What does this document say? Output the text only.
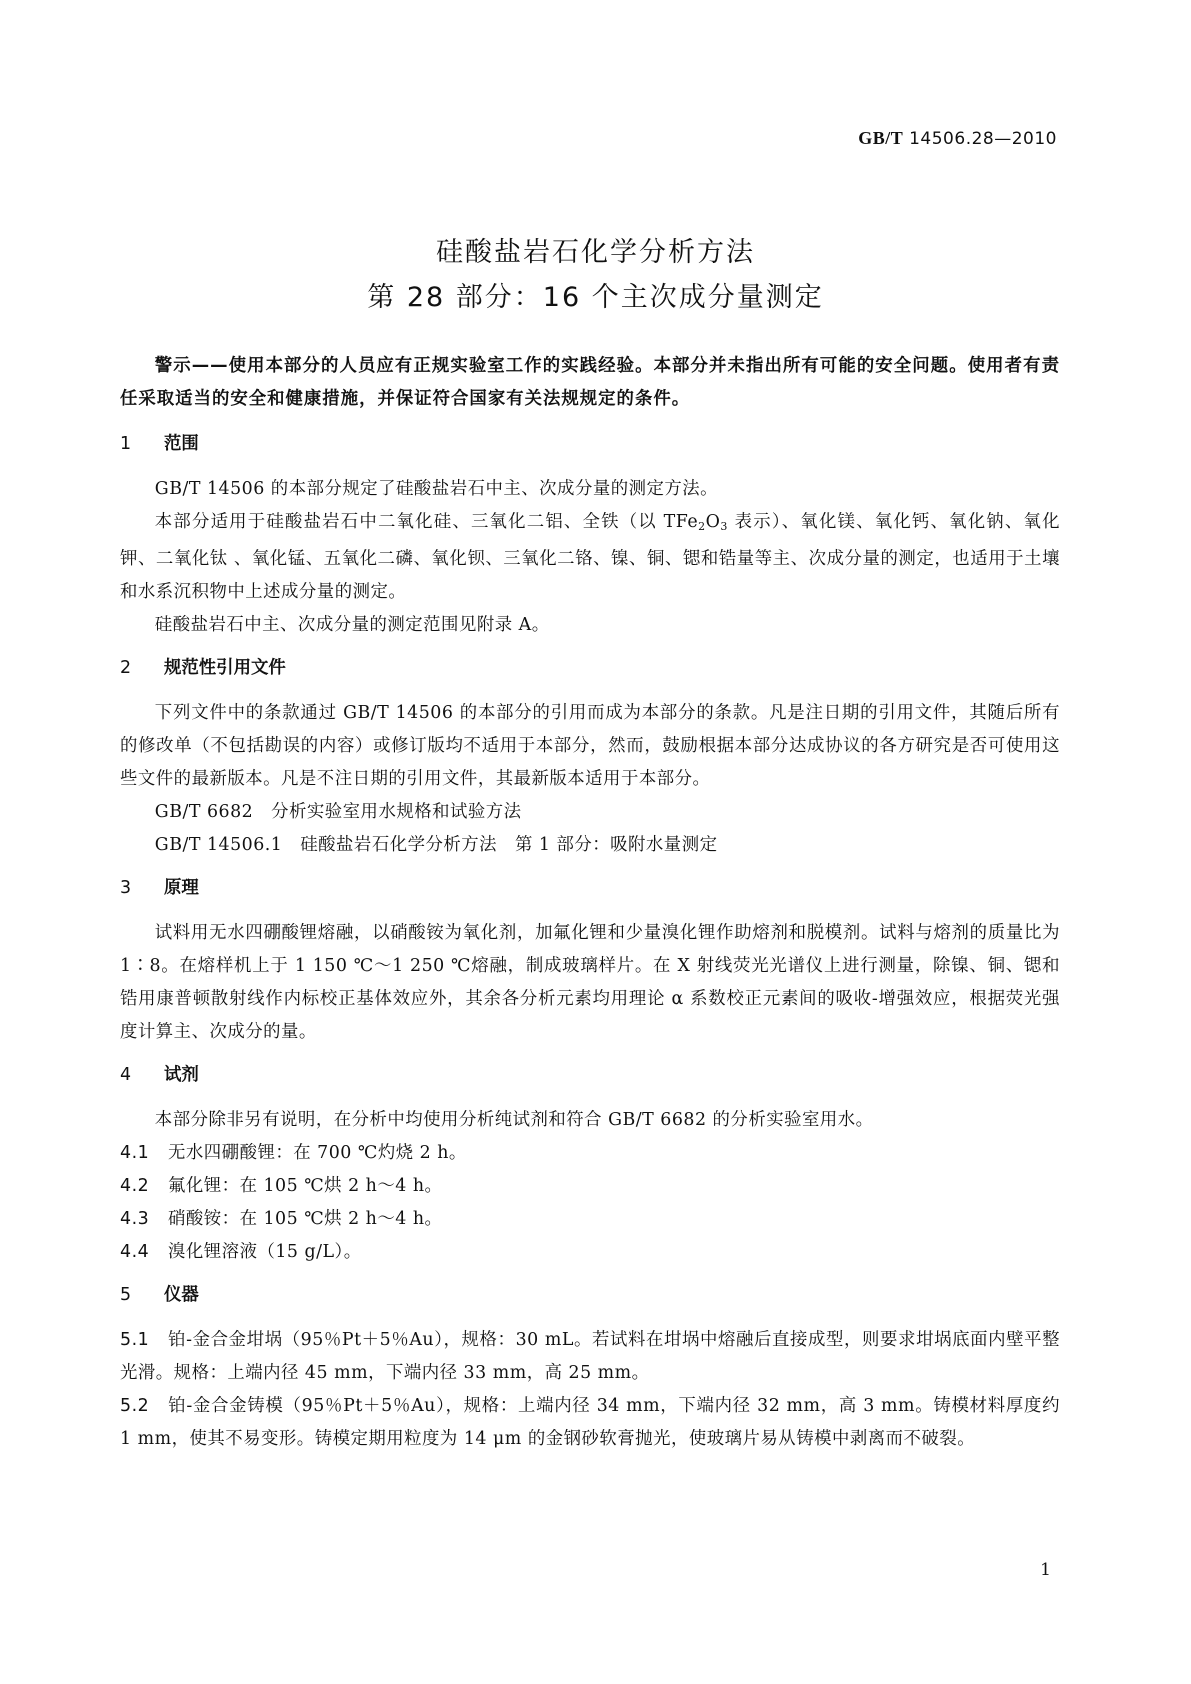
GB/T 14506.28—2010
硅酸盐岩石化学分析方法
第 28 部分：16 个主次成分量测定
警示——使用本部分的人员应有正规实验室工作的实践经验。本部分并未指出所有可能的安全问题。使用者有责任采取适当的安全和健康措施，并保证符合国家有关法规规定的条件。
1 范围
GB/T 14506 的本部分规定了硅酸盐岩石中主、次成分量的测定方法。
本部分适用于硅酸盐岩石中二氧化硅、三氧化二铝、全铁（以 $TFe_2O_3$ 表示）、氧化镁、氧化钙、氧化钠、氧化钾、二氧化钛 、氧化锰、五氧化二磷、氧化钡、三氧化二铬、镍、铜、锶和锆量等主、次成分量的测定，也适用于土壤和水系沉积物中上述成分量的测定。
硅酸盐岩石中主、次成分量的测定范围见附录 A。
2 规范性引用文件
下列文件中的条款通过 GB/T 14506 的本部分的引用而成为本部分的条款。凡是注日期的引用文件，其随后所有的修改单（不包括勘误的内容）或修订版均不适用于本部分，然而，鼓励根据本部分达成协议的各方研究是否可使用这些文件的最新版本。凡是不注日期的引用文件，其最新版本适用于本部分。
GB/T 6682　分析实验室用水规格和试验方法
GB/T 14506.1　硅酸盐岩石化学分析方法　第 1 部分：吸附水量测定
3 原理
试料用无水四硼酸锂熔融，以硝酸铵为氧化剂，加氟化锂和少量溴化锂作助熔剂和脱模剂。试料与熔剂的质量比为 1∶8。在熔样机上于 1 150 ℃～1 250 ℃熔融，制成玻璃样片。在 X 射线荧光光谱仪上进行测量，除镍、铜、锶和锆用康普顿散射线作内标校正基体效应外，其余各分析元素均用理论 α 系数校正元素间的吸收-增强效应，根据荧光强度计算主、次成分的量。
4 试剂
本部分除非另有说明，在分析中均使用分析纯试剂和符合 GB/T 6682 的分析实验室用水。
4.1 无水四硼酸锂：在 700 ℃灼烧 2 h。
4.2 氟化锂：在 105 ℃烘 2 h～4 h。
4.3 硝酸铵：在 105 ℃烘 2 h～4 h。
4.4 溴化锂溶液（15 g/L）。
5 仪器
5.1 铂-金合金坩埚（95％Pt＋5％Au），规格：30 mL。若试料在坩埚中熔融后直接成型，则要求坩埚底面内壁平整光滑。规格：上端内径 45 mm，下端内径 33 mm，高 25 mm。
5.2 铂-金合金铸模（95％Pt＋5％Au），规格：上端内径 34 mm，下端内径 32 mm，高 3 mm。铸模材料厚度约 1 mm，使其不易变形。铸模定期用粒度为 14 μm 的金钢砂软膏抛光，使玻璃片易从铸模中剥离而不破裂。
1
